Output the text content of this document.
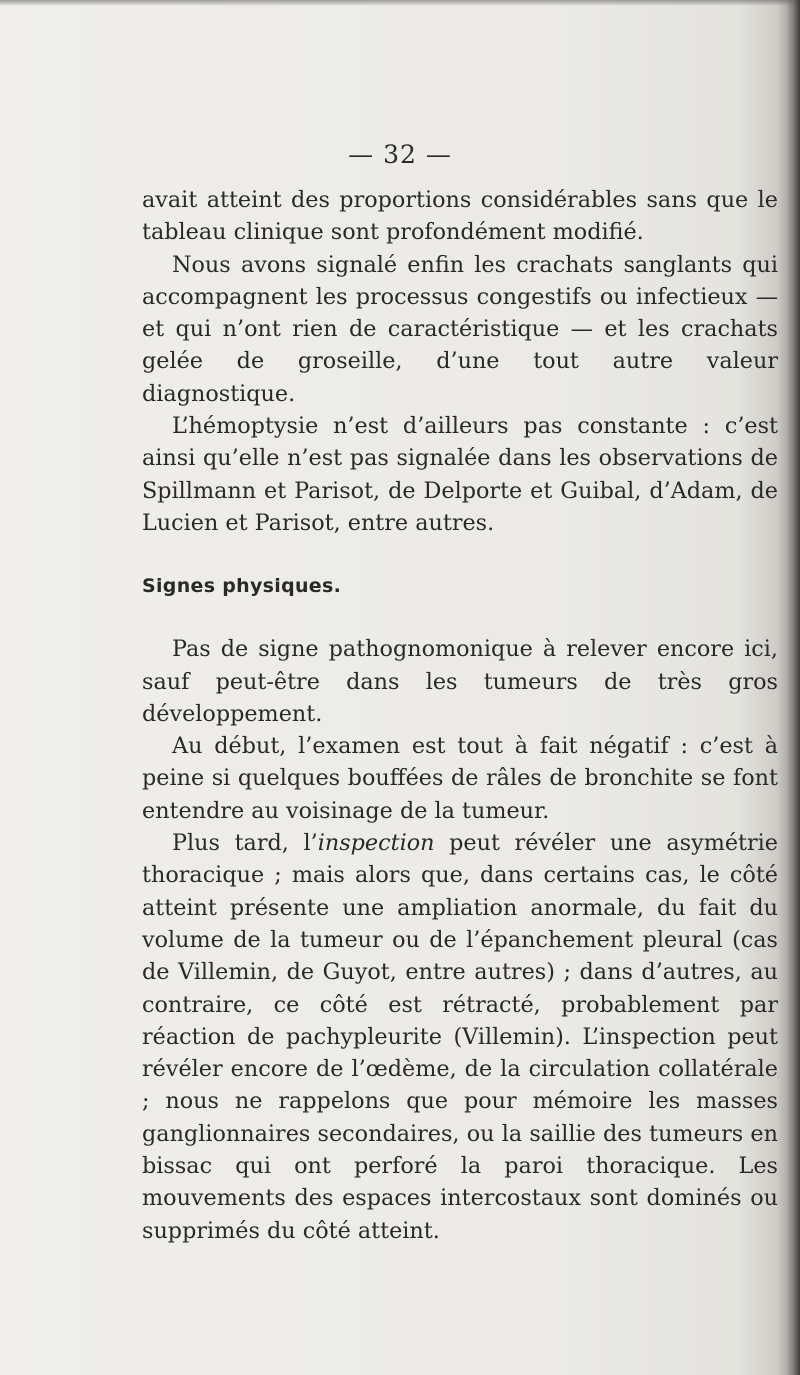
— 32 —

avait atteint des proportions considérables sans que le tableau clinique sont profondément modifié.

Nous avons signalé enfin les crachats sanglants qui accompagnent les processus congestifs ou infectieux — et qui n’ont rien de caractéristique — et les crachats gelée de groseille, d’une tout autre valeur diagnostique.

L’hémoptysie n’est d’ailleurs pas constante : c’est ainsi qu’elle n’est pas signalée dans les observations de Spillmann et Parisot, de Delporte et Guibal, d’Adam, de Lucien et Parisot, entre autres.

Signes physiques.

Pas de signe pathognomonique à relever encore ici, sauf peut-être dans les tumeurs de très gros développement.

Au début, l’examen est tout à fait négatif : c’est à peine si quelques bouffées de râles de bronchite se font entendre au voisinage de la tumeur.

Plus tard, l’inspection peut révéler une asymétrie thoracique ; mais alors que, dans certains cas, le côté atteint présente une ampliation anormale, du fait du volume de la tumeur ou de l’épanchement pleural (cas de Villemin, de Guyot, entre autres) ; dans d’autres, au contraire, ce côté est rétracté, probablement par réaction de pachypleurite (Villemin). L’inspection peut révéler encore de l’œdème, de la circulation collatérale ; nous ne rappelons que pour mémoire les masses ganglionnaires secondaires, ou la saillie des tumeurs en bissac qui ont perforé la paroi thoracique. Les mouvements des espaces intercostaux sont dominés ou supprimés du côté atteint.
